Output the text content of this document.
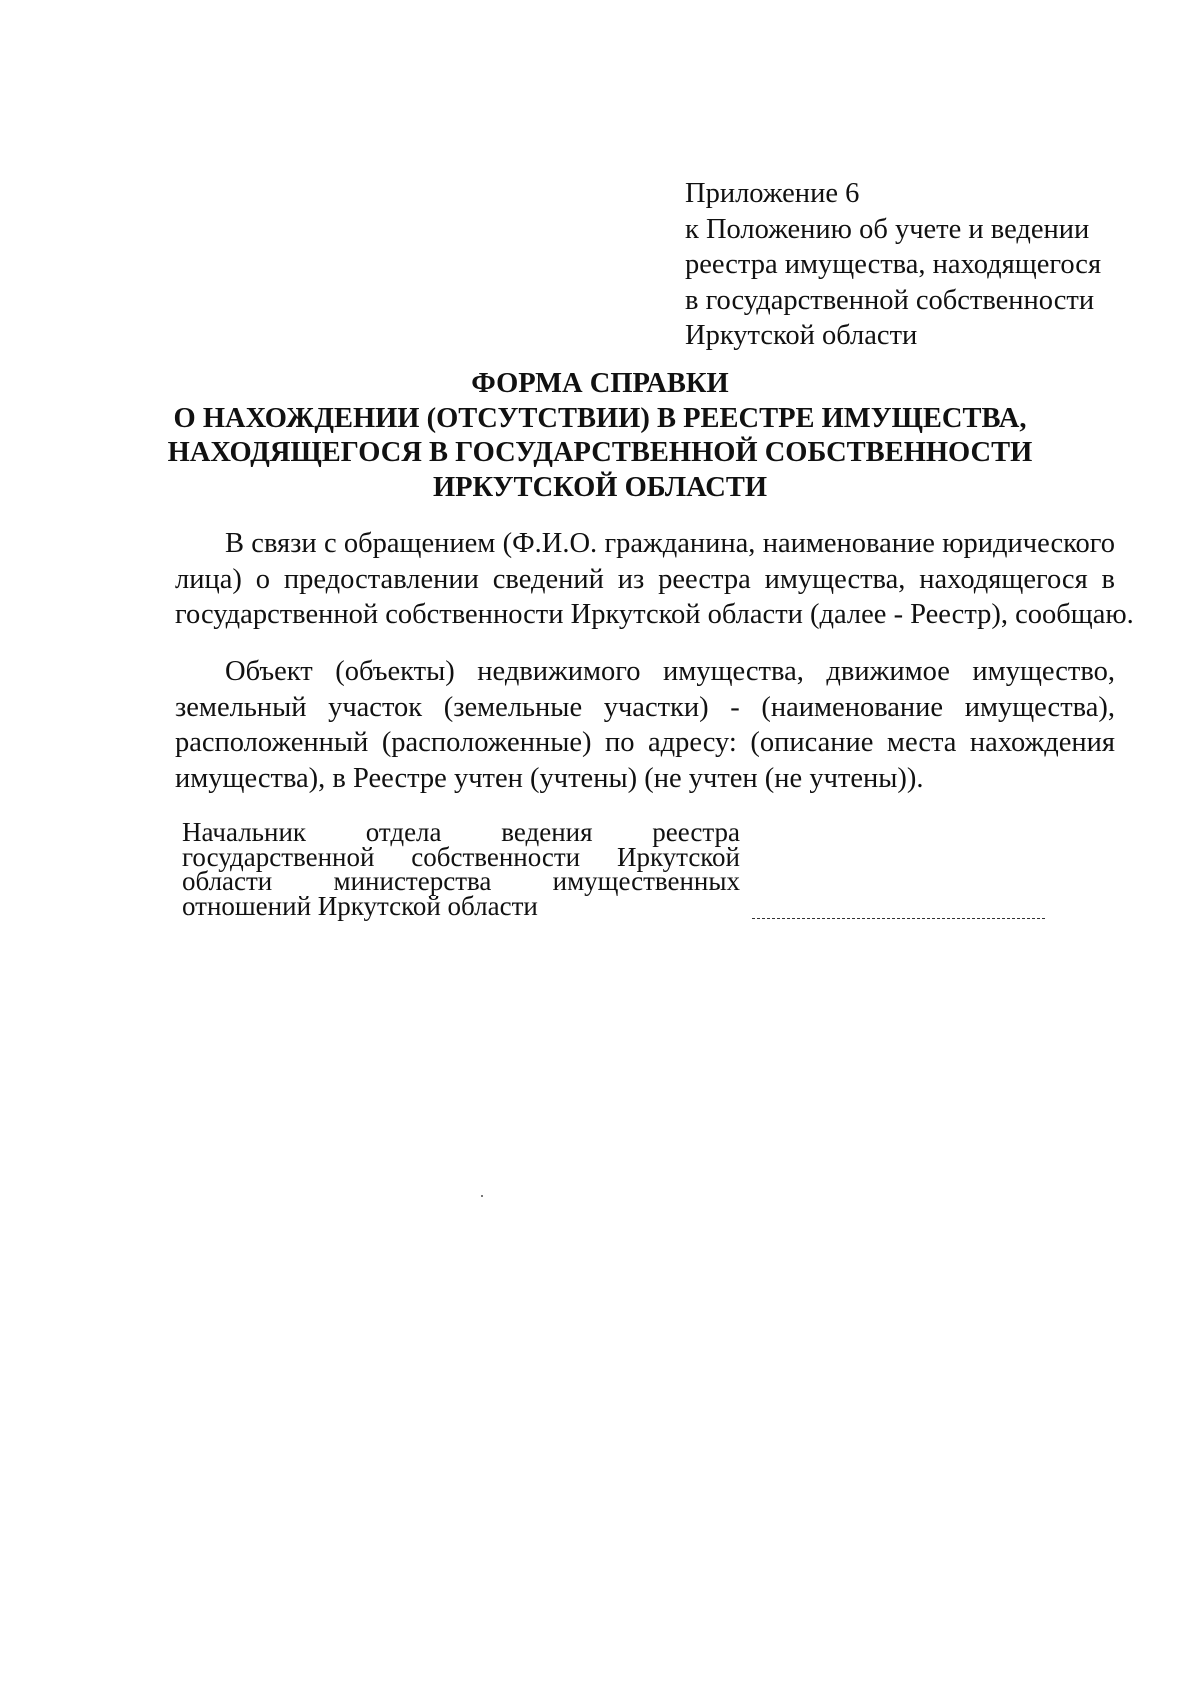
Приложение 6
к Положению об учете и ведении
реестра имущества, находящегося
в государственной собственности
Иркутской области
ФОРМА СПРАВКИ
О НАХОЖДЕНИИ (ОТСУТСТВИИ) В РЕЕСТРЕ ИМУЩЕСТВА,
НАХОДЯЩЕГОСЯ В ГОСУДАРСТВЕННОЙ СОБСТВЕННОСТИ
ИРКУТСКОЙ ОБЛАСТИ
В связи с обращением (Ф.И.О. гражданина, наименование юридического
лица) о предоставлении сведений из реестра имущества, находящегося в
государственной собственности Иркутской области (далее - Реестр), сообщаю.
Объект (объекты) недвижимого имущества, движимое имущество,
земельный участок (земельные участки) - (наименование имущества),
расположенный (расположенные) по адресу: (описание места нахождения
имущества), в Реестре учтен (учтены) (не учтен (не учтены)).
Начальник отдела ведения реестра
государственной собственности Иркутской
области министерства имущественных
отношений Иркутской области
